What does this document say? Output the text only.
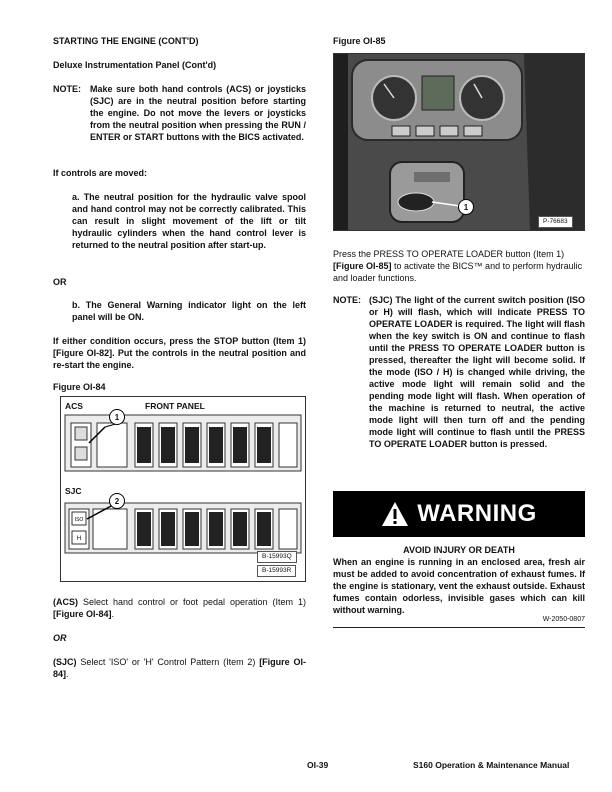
STARTING THE ENGINE (CONT'D)
Deluxe Instrumentation Panel (Cont'd)
NOTE: Make sure both hand controls (ACS) or joysticks (SJC) are in the neutral position before starting the engine. Do not move the levers or joysticks from the neutral position when pressing the RUN / ENTER or START buttons with the BICS activated.
If controls are moved:
a. The neutral position for the hydraulic valve spool and hand control may not be correctly calibrated. This can result in slight movement of the lift or tilt hydraulic cylinders when the hand control lever is returned to the neutral position after start-up.
OR
b. The General Warning indicator light on the left panel will be ON.
If either condition occurs, press the STOP button (Item 1) [Figure OI-82]. Put the controls in the neutral position and re-start the engine.
Figure OI-84
ISO
H
ACS	FRONT PANEL
SJC
1
2
B-15993Q
B-15993R
(ACS) Select hand control or foot pedal operation (Item 1) [Figure OI-84].
OR
(SJC) Select 'ISO' or 'H' Control Pattern (Item 2) [Figure OI-84].
Figure OI-85
1
P-76683
Press the PRESS TO OPERATE LOADER button (Item 1) [Figure OI-85] to activate the BICS™ and to perform hydraulic and loader functions.
NOTE: (SJC) The light of the current switch position (ISO or H) will flash, which will indicate PRESS TO OPERATE LOADER is required. The light will flash when the key switch is ON and continue to flash until the PRESS TO OPERATE LOADER button is pressed, thereafter the light will become solid. If the mode (ISO / H) is changed while driving, the active mode light will remain solid and the pending mode light will flash. When operation of the machine is returned to neutral, the active mode light will then turn off and the pending mode light will continue to flash until the PRESS TO OPERATE LOADER button is pressed.
WARNING
AVOID INJURY OR DEATH
When an engine is running in an enclosed area, fresh air must be added to avoid concentration of exhaust fumes. If the engine is stationary, vent the exhaust outside. Exhaust fumes contain odorless, invisible gases which can kill without warning.
W-2050-0807
OI-39	S160 Operation & Maintenance Manual
